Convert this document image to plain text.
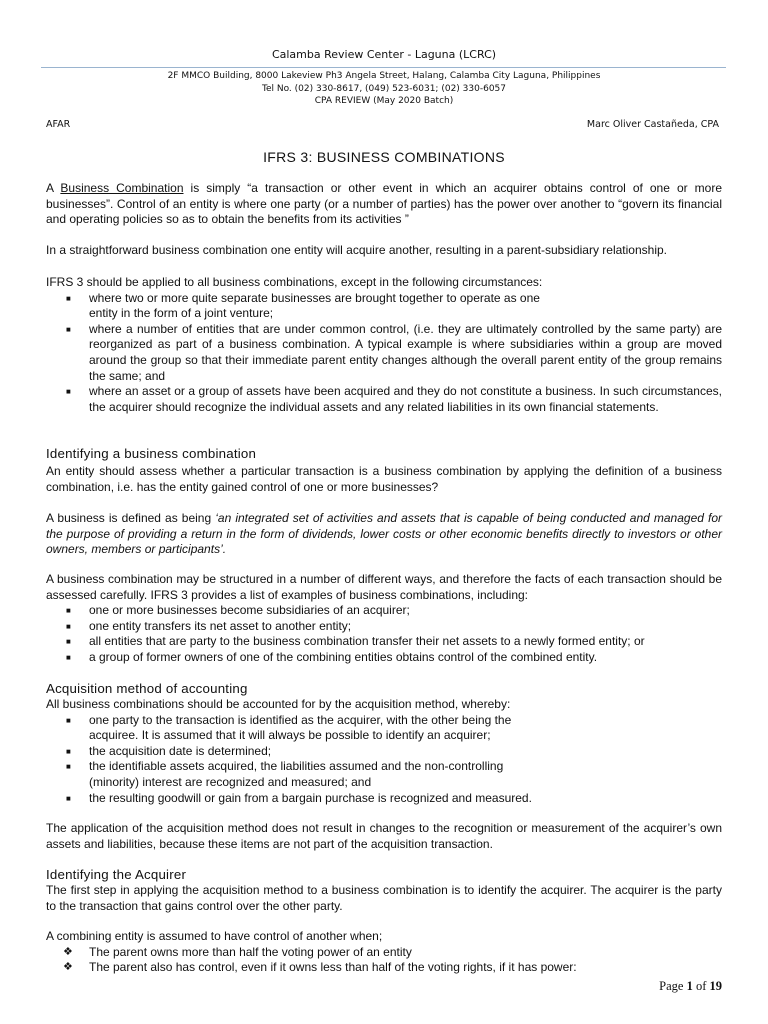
Calamba Review Center - Laguna (LCRC)
2F MMCO Building, 8000 Lakeview Ph3 Angela Street, Halang, Calamba City Laguna, Philippines
Tel No. (02) 330-8617, (049) 523-6031; (02) 330-6057
CPA REVIEW (May 2020 Batch)
AFAR	Marc Oliver Castañeda, CPA
IFRS 3: BUSINESS COMBINATIONS

A Business Combination is simply “a transaction or other event in which an acquirer obtains control of one or more businesses”. Control of an entity is where one party (or a number of parties) has the power over another to “govern its financial and operating policies so as to obtain the benefits from its activities ”

In a straightforward business combination one entity will acquire another, resulting in a parent-subsidiary relationship.

IFRS 3 should be applied to all business combinations, except in the following circumstances:

■ where two or more quite separate businesses are brought together to operate as one
entity in the form of a joint venture;
■ where a number of entities that are under common control, (i.e. they are ultimately controlled by the same party) are reorganized as part of a business combination. A typical example is where subsidiaries within a group are moved around the group so that their immediate parent entity changes although the overall parent entity of the group remains the same; and
■ where an asset or a group of assets have been acquired and they do not constitute a business. In such circumstances, the acquirer should recognize the individual assets and any related liabilities in its own financial statements.

Identifying a business combination

An entity should assess whether a particular transaction is a business combination by applying the definition of a business combination, i.e. has the entity gained control of one or more businesses?

A business is defined as being ‘an integrated set of activities and assets that is capable of being conducted and managed for the purpose of providing a return in the form of dividends, lower costs or other economic benefits directly to investors or other owners, members or participants’.

A business combination may be structured in a number of different ways, and therefore the facts of each transaction should be assessed carefully. IFRS 3 provides a list of examples of business combinations, including:

■ one or more businesses become subsidiaries of an acquirer;
■ one entity transfers its net asset to another entity;
■ all entities that are party to the business combination transfer their net assets to a newly formed entity; or
■ a group of former owners of one of the combining entities obtains control of the combined entity.

Acquisition method of accounting

All business combinations should be accounted for by the acquisition method, whereby:

■ one party to the transaction is identified as the acquirer, with the other being the
acquiree. It is assumed that it will always be possible to identify an acquirer;
■ the acquisition date is determined;
■ the identifiable assets acquired, the liabilities assumed and the non-controlling
(minority) interest are recognized and measured; and
■ the resulting goodwill or gain from a bargain purchase is recognized and measured.

The application of the acquisition method does not result in changes to the recognition or measurement of the acquirer’s own assets and liabilities, because these items are not part of the acquisition transaction.

Identifying the Acquirer

The first step in applying the acquisition method to a business combination is to identify the acquirer. The acquirer is the party to the transaction that gains control over the other party.

A combining entity is assumed to have control of another when;

❖ The parent owns more than half the voting power of an entity
❖ The parent also has control, even if it owns less than half of the voting rights, if it has power:
Page 1 of 19
